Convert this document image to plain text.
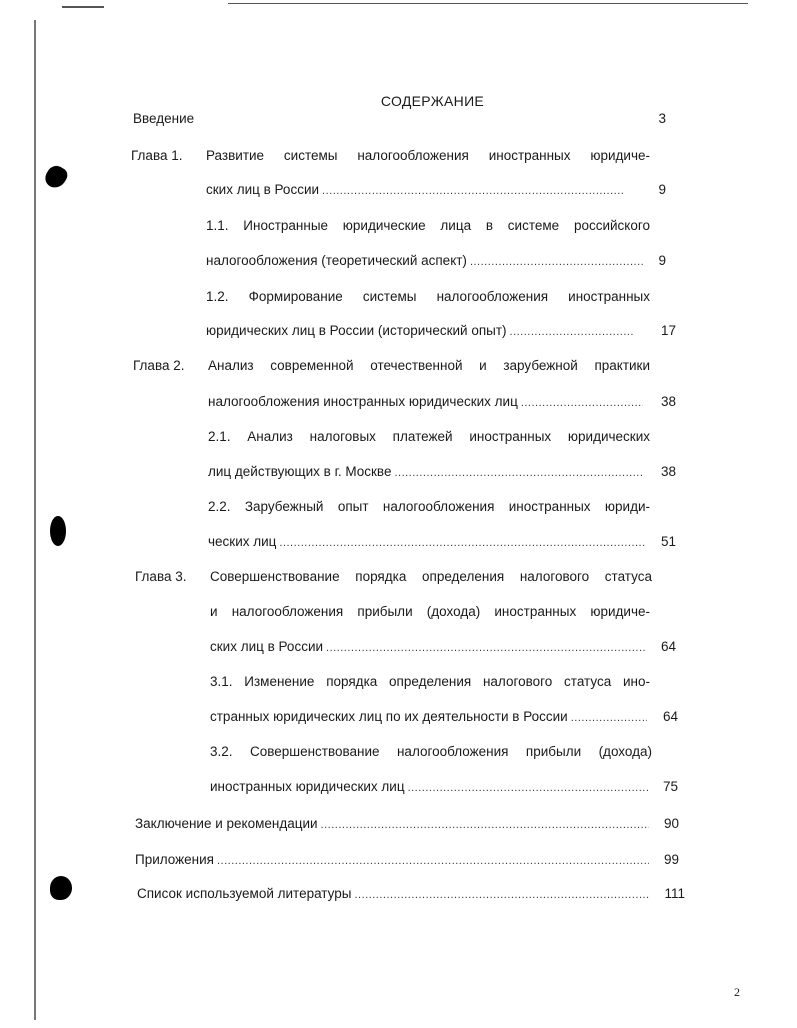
СОДЕРЖАНИЕ
Введение	3
Глава 1. Развитие системы налогообложения иностранных юридиче-
ских лиц в России .....	9
1.1. Иностранные юридические лица в системе российского
налогообложения (теоретический аспект) .....	9
1.2. Формирование системы налогообложения иностранных
юридических лиц в России (исторический опыт) .....	17
Глава 2. Анализ современной отечественной и зарубежной практики
налогообложения иностранных юридических лиц .....	38
2.1. Анализ налоговых платежей иностранных юридических
лиц действующих в г. Москве .....	38
2.2. Зарубежный опыт налогообложения иностранных юриди-
ческих лиц .....	51
Глава 3. Совершенствование порядка определения налогового статуса
и налогообложения прибыли (дохода) иностранных юридиче-
ских лиц в России .....	64
3.1. Изменение порядка определения налогового статуса ино-
странных юридических лиц по их деятельности в России .....	64
3.2. Совершенствование налогообложения прибыли (дохода)
иностранных юридических лиц .....	75
Заключение и рекомендации .....	90
Приложения .....	99
Список используемой литературы .....	111
2
